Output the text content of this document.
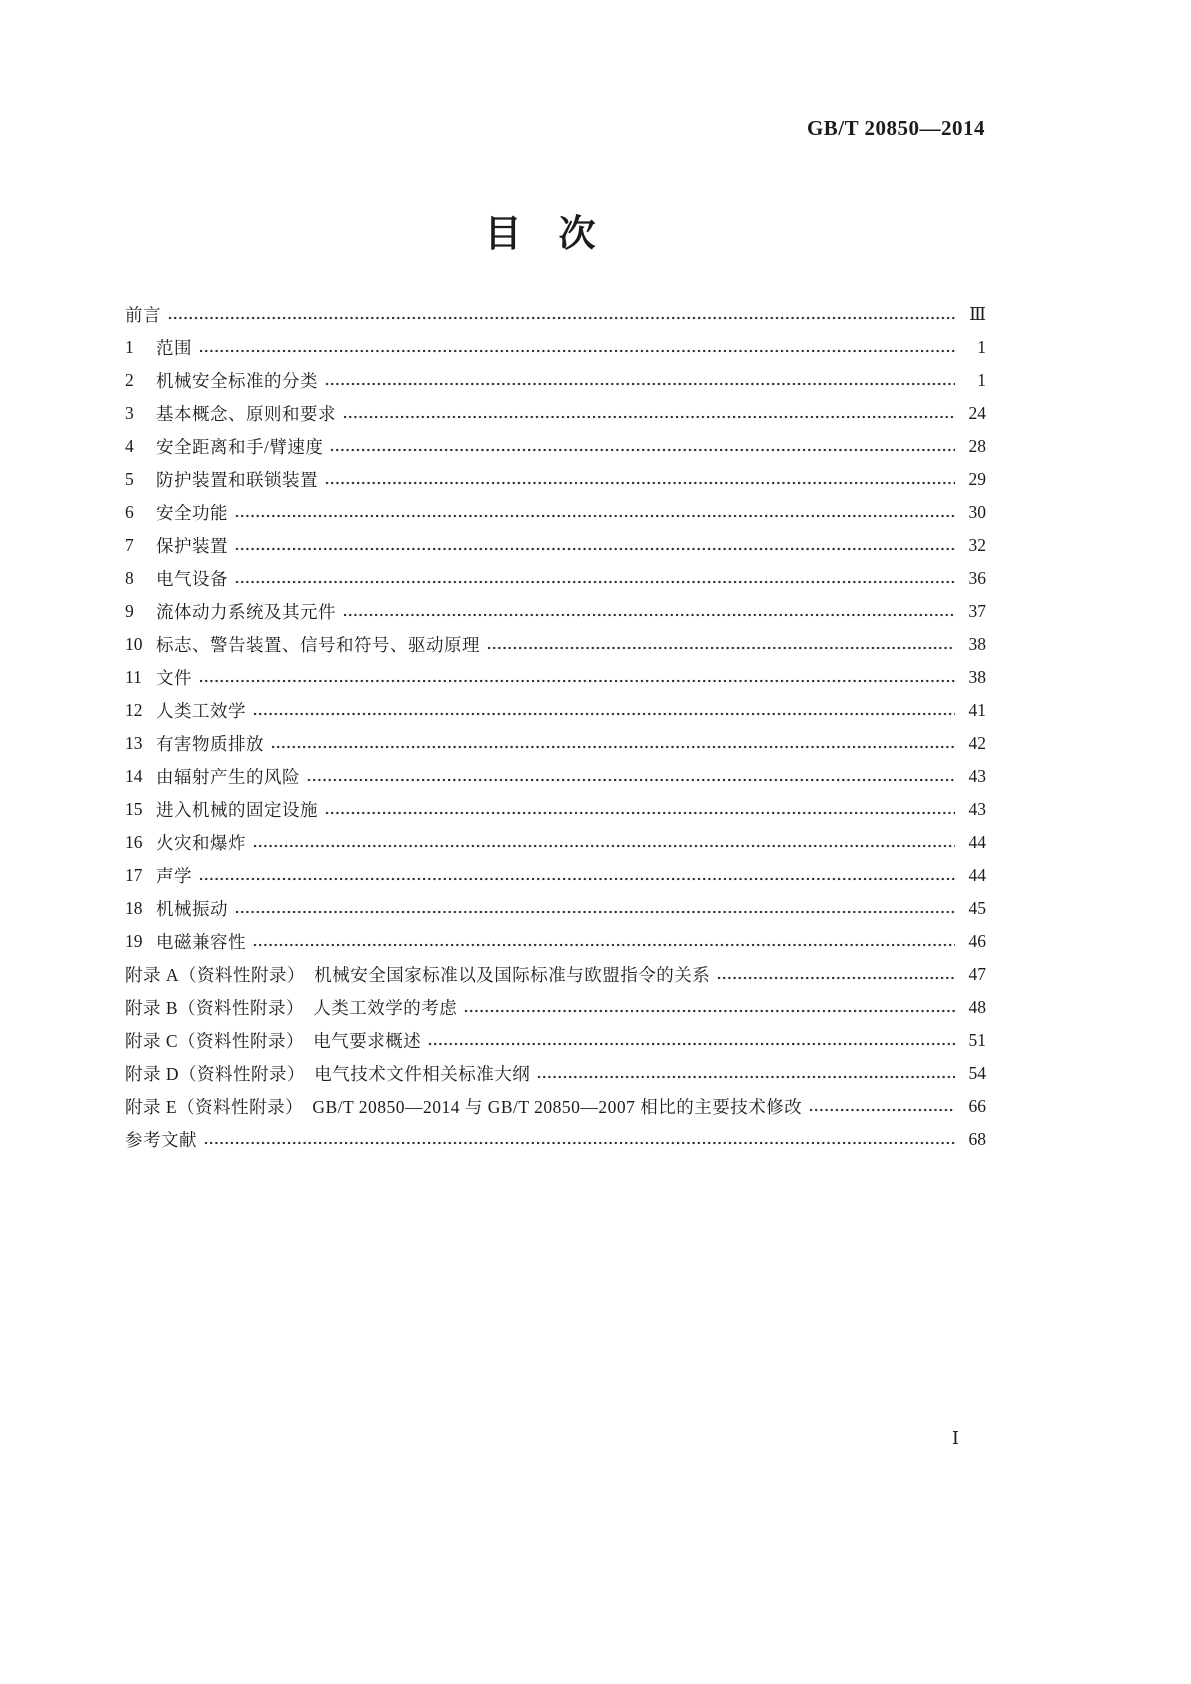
GB/T 20850—2014
目　次
前言	Ⅲ
1	范围	1
2	机械安全标准的分类	1
3	基本概念、原则和要求	24
4	安全距离和手/臂速度	28
5	防护装置和联锁装置	29
6	安全功能	30
7	保护装置	32
8	电气设备	36
9	流体动力系统及其元件	37
10 标志、警告装置、信号和符号、驱动原理	38
11 文件	38
12 人类工效学	41
13 有害物质排放	42
14 由辐射产生的风险	43
15 进入机械的固定设施	43
16 火灾和爆炸	44
17 声学	44
18 机械振动	45
19 电磁兼容性	46
附录 A（资料性附录）　机械安全国家标准以及国际标准与欧盟指令的关系	47
附录 B（资料性附录）　人类工效学的考虑	48
附录 C（资料性附录）　电气要求概述	51
附录 D（资料性附录）　电气技术文件相关标准大纲	54
附录 E（资料性附录）　GB/T 20850—2014 与 GB/T 20850—2007 相比的主要技术修改	66
参考文献	68
Ⅰ
